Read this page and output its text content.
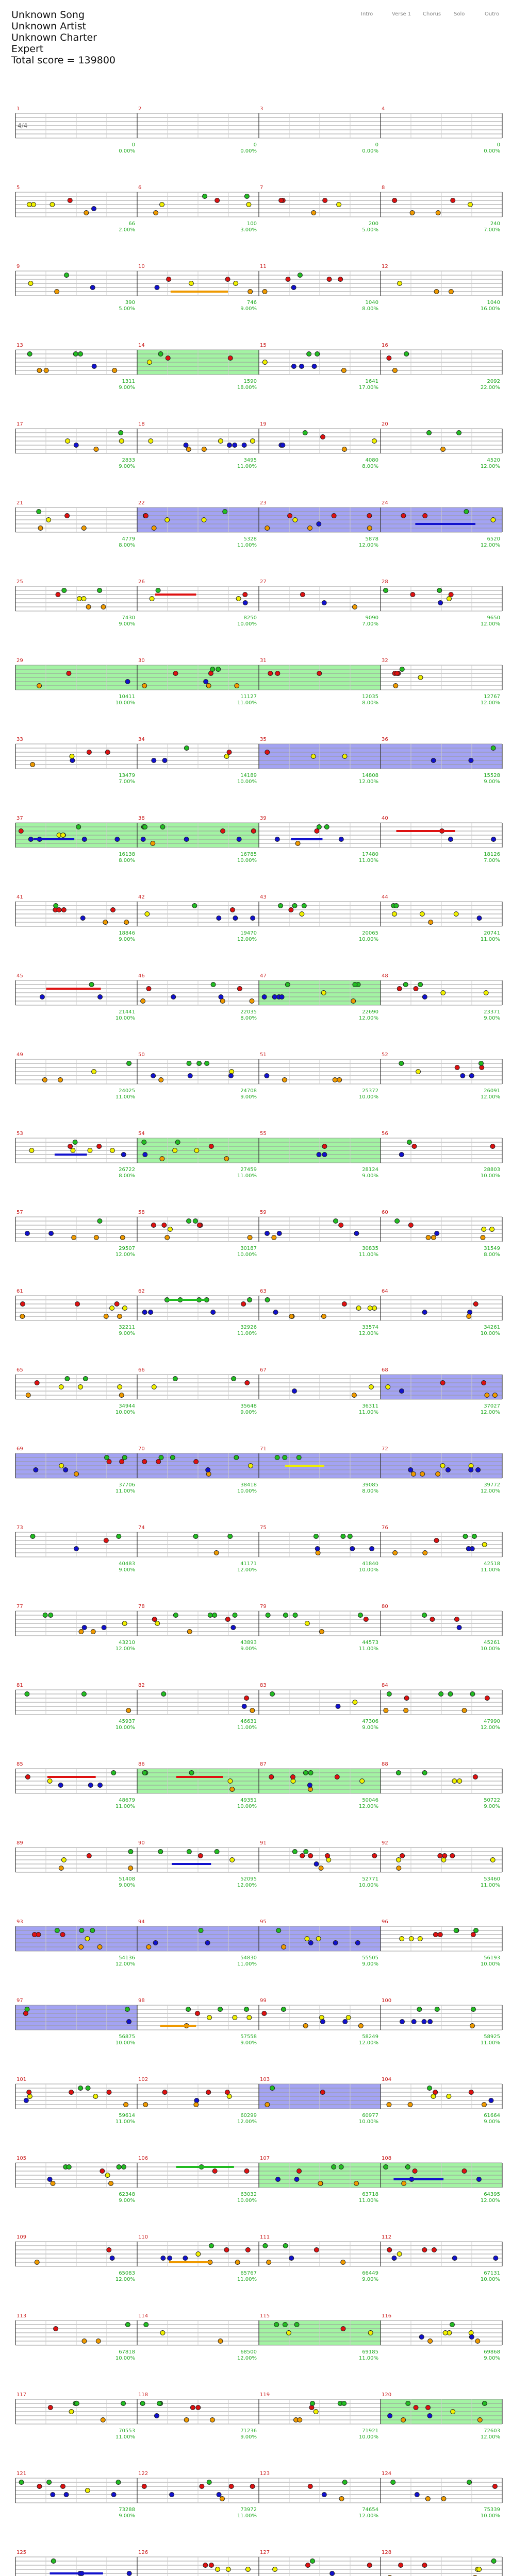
Unknown Song
Unknown Artist
Unknown Charter
Expert
Total score = 139800
1
0
0.00%
2
0
0.00%
3
0
0.00%
4
0
0.00%
4/4
5
66
2.00%
6
100
3.00%
7
200
5.00%
8
240
7.00%
9
390
5.00%
10
746
9.00%
11
1040
8.00%
12
1040
16.00%
13
1311
9.00%
14
1590
18.00%
15
1641
17.00%
16
2092
22.00%
17
2833
9.00%
18
3495
11.00%
19
4080
8.00%
20
4520
12.00%
21
4779
8.00%
22
5328
11.00%
23
5878
12.00%
24
6520
12.00%
25
7430
9.00%
26
8250
10.00%
27
9090
7.00%
28
9650
12.00%
29
10411
10.00%
30
11127
11.00%
31
12035
8.00%
32
12767
12.00%
33
13479
7.00%
34
14189
10.00%
35
14808
12.00%
36
15528
9.00%
37
16138
8.00%
38
16785
10.00%
39
17480
11.00%
40
18126
7.00%
41
18846
9.00%
42
19470
12.00%
43
20065
10.00%
44
20741
11.00%
45
21441
10.00%
46
22035
8.00%
47
22690
12.00%
48
23371
9.00%
49
24025
11.00%
50
24708
9.00%
51
25372
10.00%
52
26091
12.00%
53
26722
8.00%
54
27459
11.00%
55
28124
9.00%
56
28803
10.00%
57
29507
12.00%
58
30187
10.00%
59
30835
11.00%
60
31549
8.00%
61
32211
9.00%
62
32926
11.00%
63
33574
12.00%
64
34261
10.00%
65
34944
10.00%
66
35648
9.00%
67
36311
11.00%
68
37027
12.00%
69
37706
11.00%
70
38418
10.00%
71
39085
8.00%
72
39772
12.00%
73
40483
9.00%
74
41171
12.00%
75
41840
10.00%
76
42518
11.00%
77
43210
12.00%
78
43893
9.00%
79
44573
11.00%
80
45261
10.00%
81
45937
10.00%
82
46631
11.00%
83
47306
9.00%
84
47990
12.00%
85
48679
11.00%
86
49351
10.00%
87
50046
12.00%
88
50722
9.00%
89
51408
9.00%
90
52095
12.00%
91
52771
10.00%
92
53460
11.00%
93
54136
12.00%
94
54830
11.00%
95
55505
9.00%
96
56193
10.00%
97
56875
10.00%
98
57558
9.00%
99
58249
12.00%
100
58925
11.00%
101
59614
11.00%
102
60299
12.00%
103
60977
10.00%
104
61664
9.00%
105
62348
9.00%
106
63032
10.00%
107
63718
11.00%
108
64395
12.00%
109
65083
12.00%
110
65767
11.00%
111
66449
9.00%
112
67131
10.00%
113
67818
10.00%
114
68500
12.00%
115
69185
11.00%
116
69868
9.00%
117
70553
11.00%
118
71236
9.00%
119
71921
10.00%
120
72603
12.00%
121
73288
9.00%
122
73972
11.00%
123
74654
12.00%
124
75339
10.00%
125	126	127	128
Intro	Verse 1 Chorus Solo	Outro
